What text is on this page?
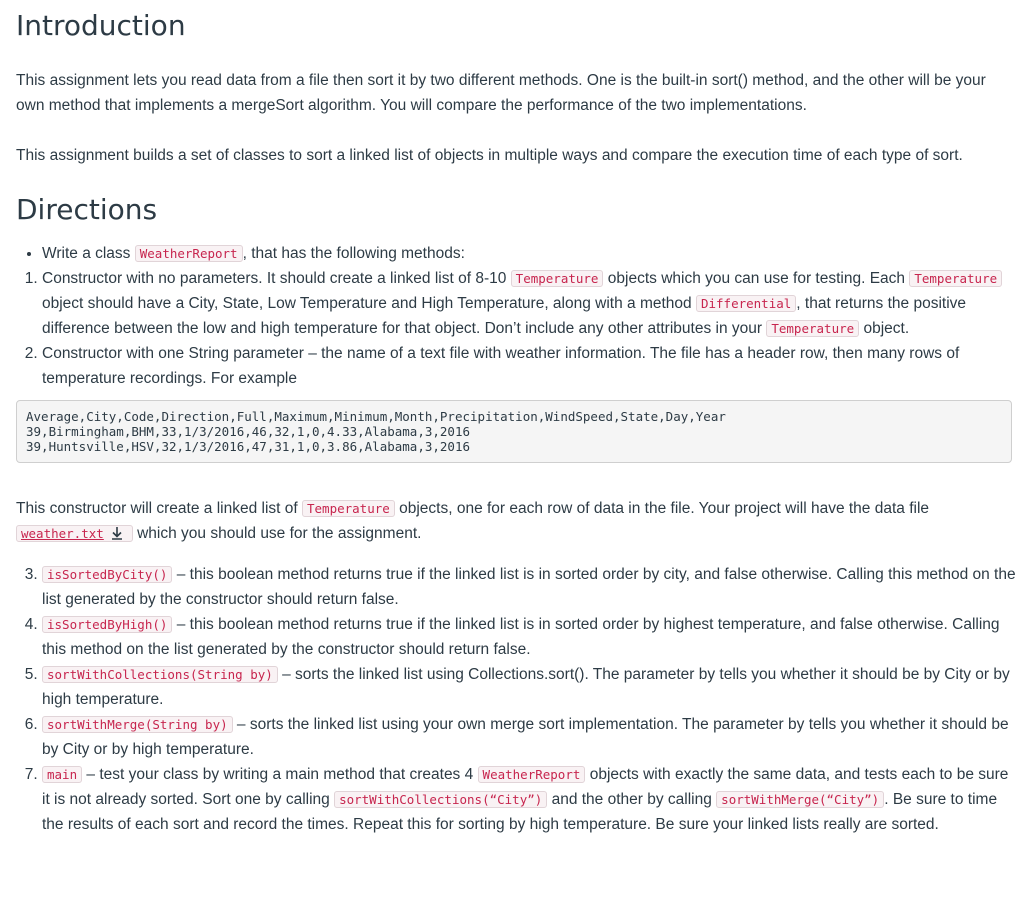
Introduction

This assignment lets you read data from a file then sort it by two different methods. One is the built-in sort() method, and the other will be your own method that implements a mergeSort algorithm. You will compare the performance of the two implementations.

This assignment builds a set of classes to sort a linked list of objects in multiple ways and compare the execution time of each type of sort.

Directions
• Write a class WeatherReport , that has the following methods:
1. Constructor with no parameters. It should create a linked list of 8-10 Temperature objects which you can use for testing. Each Temperature object should have a City, State, Low Temperature and High Temperature, along with a method Differential , that returns the positive difference between the low and high temperature for that object. Don’t include any other attributes in your Temperature object.
2. Constructor with one String parameter – the name of a text file with weather information. The file has a header row, then many rows of temperature recordings. For example
Average,City,Code,Direction,Full,Maximum,Minimum,Month,Precipitation,WindSpeed,State,Day,Year
39,Birmingham,BHM,33,1/3/2016,46,32,1,0,4.33,Alabama,3,2016
39,Huntsville,HSV,32,1/3/2016,47,31,1,0,3.86,Alabama,3,2016

This constructor will create a linked list of Temperature objects, one for each row of data in the file. Your project will have the data file weather.txt which you should use for the assignment.

3. isSortedByCity() – this boolean method returns true if the linked list is in sorted order by city, and false otherwise. Calling this method on the list generated by the constructor should return false.
4. isSortedByHigh() – this boolean method returns true if the linked list is in sorted order by highest temperature, and false otherwise. Calling this method on the list generated by the constructor should return false.
5. sortWithCollections(String by) – sorts the linked list using Collections.sort(). The parameter by tells you whether it should be by City or by high temperature.
6. sortWithMerge(String by) – sorts the linked list using your own merge sort implementation. The parameter by tells you whether it should be by City or by high temperature.
7. main – test your class by writing a main method that creates 4 WeatherReport objects with exactly the same data, and tests each to be sure it is not already sorted. Sort one by calling sortWithCollections(“City”) and the other by calling sortWithMerge(“City”) . Be sure to time the results of each sort and record the times. Repeat this for sorting by high temperature. Be sure your linked lists really are sorted.
